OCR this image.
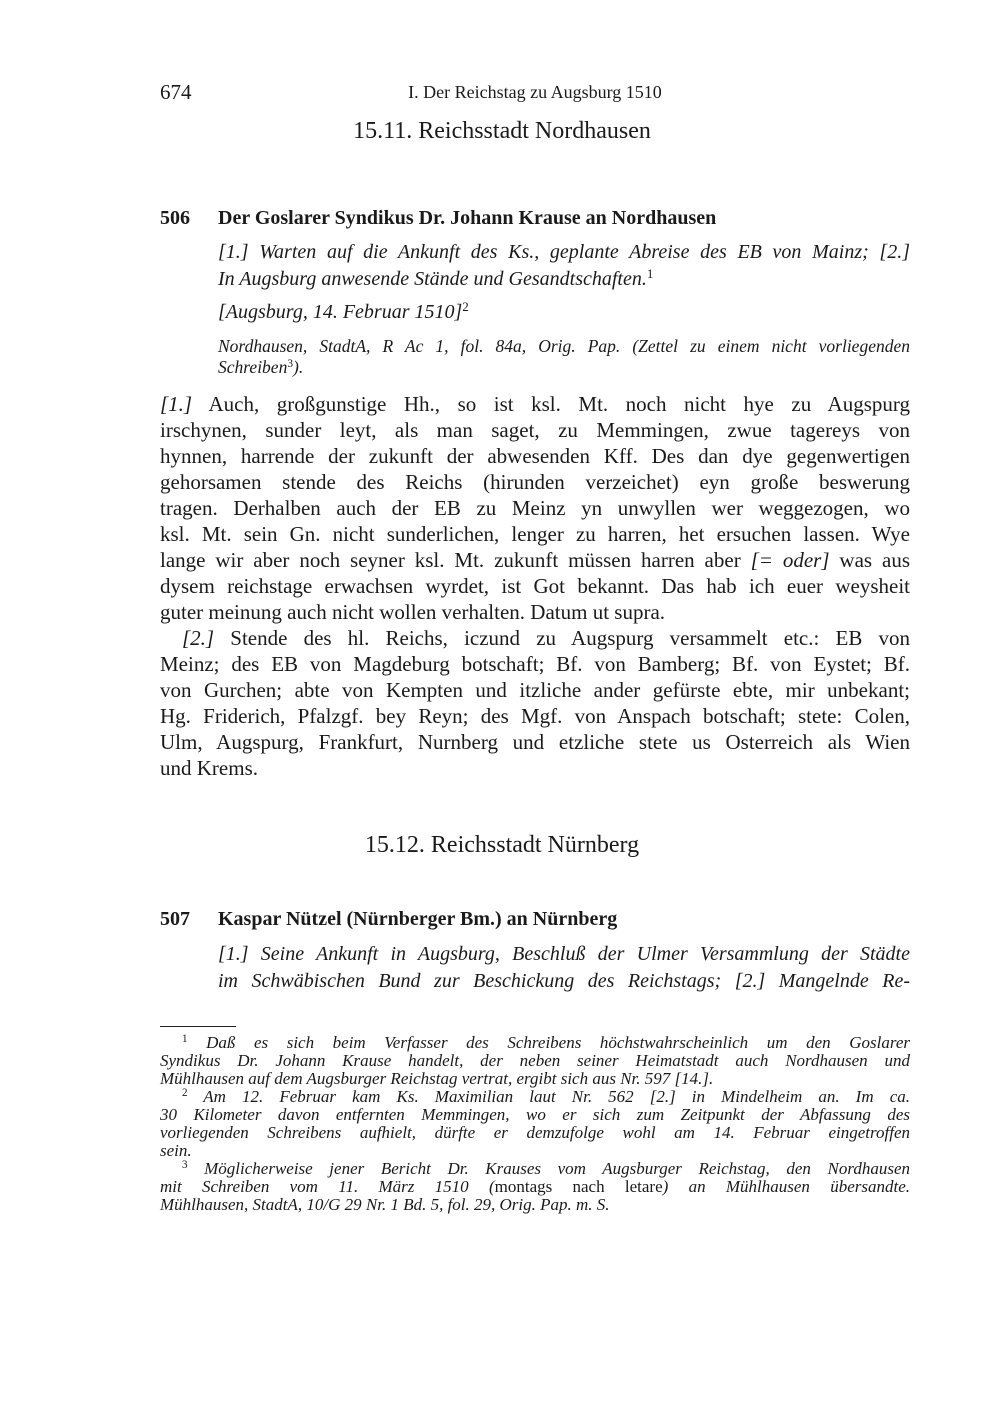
674	I. Der Reichstag zu Augsburg 1510
15.11. Reichsstadt Nordhausen
506 Der Goslarer Syndikus Dr. Johann Krause an Nordhausen
[1.] Warten auf die Ankunft des Ks., geplante Abreise des EB von Mainz; [2.]
In Augsburg anwesende Stände und Gesandtschaften.$^1$
[Augsburg, 14. Februar 1510]$^2$
Nordhausen, StadtA, R Ac 1, fol. 84a, Orig. Pap. (Zettel zu einem nicht vorliegenden
Schreiben$^3$).
[1.] Auch, großgunstige Hh., so ist ksl. Mt. noch nicht hye zu Augspurg
irschynen, sunder leyt, als man saget, zu Memmingen, zwue tagereys von
hynnen, harrende der zukunft der abwesenden Kff. Des dan dye gegenwertigen
gehorsamen stende des Reichs (hirunden verzeichet) eyn große beswerung
tragen. Derhalben auch der EB zu Meinz yn unwyllen wer weggezogen, wo
ksl. Mt. sein Gn. nicht sunderlichen, lenger zu harren, het ersuchen lassen. Wye
lange wir aber noch seyner ksl. Mt. zukunft müssen harren aber [= oder] was aus
dysem reichstage erwachsen wyrdet, ist Got bekannt. Das hab ich euer weysheit
guter meinung auch nicht wollen verhalten. Datum ut supra.
[2.] Stende des hl. Reichs, iczund zu Augspurg versammelt etc.: EB von
Meinz; des EB von Magdeburg botschaft; Bf. von Bamberg; Bf. von Eystet; Bf.
von Gurchen; abte von Kempten und itzliche ander gefürste ebte, mir unbekant;
Hg. Friderich, Pfalzgf. bey Reyn; des Mgf. von Anspach botschaft; stete: Colen,
Ulm, Augspurg, Frankfurt, Nurnberg und etzliche stete us Osterreich als Wien
und Krems.
15.12. Reichsstadt Nürnberg
507 Kaspar Nützel (Nürnberger Bm.) an Nürnberg
[1.] Seine Ankunft in Augsburg, Beschluß der Ulmer Versammlung der Städte
im Schwäbischen Bund zur Beschickung des Reichstags; [2.] Mangelnde Re-
$^1$ Daß es sich beim Verfasser des Schreibens höchstwahrscheinlich um den Goslarer
Syndikus Dr. Johann Krause handelt, der neben seiner Heimatstadt auch Nordhausen und
Mühlhausen auf dem Augsburger Reichstag vertrat, ergibt sich aus Nr. 597 [14.].
$^2$ Am 12. Februar kam Ks. Maximilian laut Nr. 562 [2.] in Mindelheim an. Im ca.
30 Kilometer davon entfernten Memmingen, wo er sich zum Zeitpunkt der Abfassung des
vorliegenden Schreibens aufhielt, dürfte er demzufolge wohl am 14. Februar eingetroffen
sein.
$^3$ Möglicherweise jener Bericht Dr. Krauses vom Augsburger Reichstag, den Nordhausen
mit Schreiben vom 11. März 1510 (montags nach letare) an Mühlhausen übersandte.
Mühlhausen, StadtA, 10/G 29 Nr. 1 Bd. 5, fol. 29, Orig. Pap. m. S.
